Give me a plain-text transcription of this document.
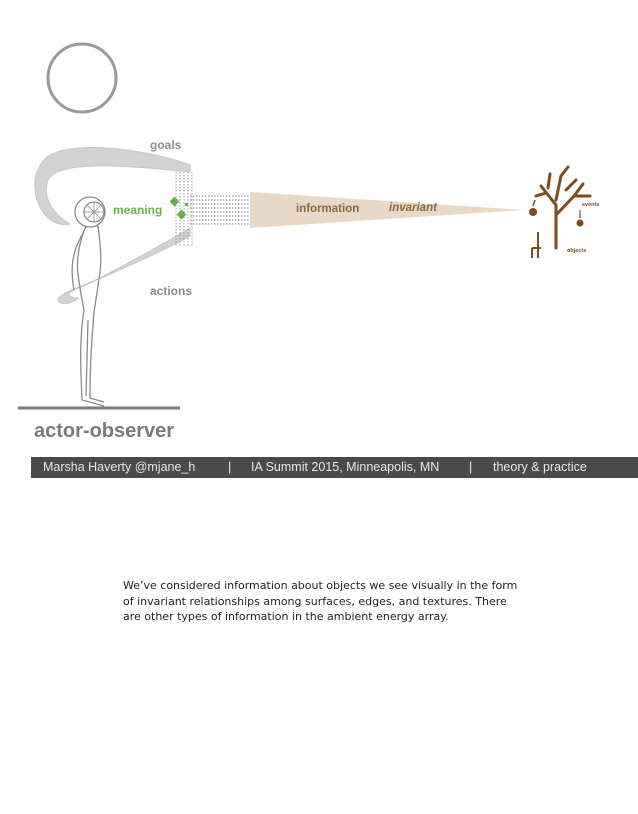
goals
meaning
actions
information	invariant	events
objects
actor-observer
Marsha Haverty @mjane_h	| IA Summit 2015, Minneapolis, MN | theory & practice
We’ve considered information about objects we see visually in the form of invariant relationships among surfaces, edges, and textures. There are other types of information in the ambient energy array.
